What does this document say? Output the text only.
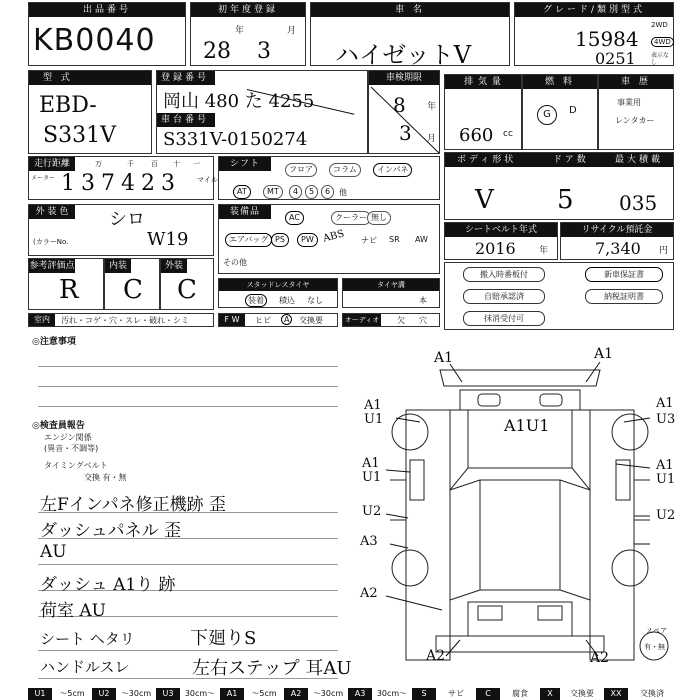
出品番号
KB0040
初年度登録
年	月
28 3
車 名
ハイゼットV
グレード/類別型式
15984
0251
2WD
4WD
表示なし
型 式
EBD-
S331V
登録番号
岡山 480 た 4255
車台番号
S331V-0150274
車検期限
8 年
3 月
排 気 量
660 cc
燃 料
G	D
車 歴
事業用
レンタカー
走行距離
メーター
万	千 百 十 一
137423 マイル
シフト
フロア	コラム	インパネ
AT	MT	4	5	6	他
ボディ形状	ドア数	最大積載量
V 5 035
外 装 色	シロ
(カラーNo.	W19
装備品
AC	クーラー 無し
エアバッグ PS	PW	ナビ SR AW
その他
ABS	シートベルト年式
2016	年
リサイクル預託金
7,340 円
参考評価点
R
内装
C
外装
C	スタッドレスタイヤ
装着	積込 なし
タイヤ溝
本
搬入時番板付	新車保証書
自賠承認済	納税証明書
抹消受付可
室内	汚れ・コゲ・穴・スレ・破れ・シミ	F W	ヒビ	A	交換要	オーディオ 欠 穴
◎注意事項
◎検査員報告
エンジン関係
(異音・不調等)
タイミングベルト
交換 有・無
左Fインパネ修正機跡 歪
ダッシュパネル 歪
AU
ダッシュ A1り 跡
荷室 AU
シート ヘタリ	下廻りS
ハンドルスレ	左右ステップ 耳AU
A1	A1
A1
U1
A1
U3
A1U1
A1
U1
A1
U1
U2	U2
A3
A2
A2	A2
スペア
有・無
U1	～5cm	U2	～30cm	U3	30cm～	A1	～5cm	A2	～30cm	A3	30cm～	S	サビ	C	腐食	X	交換要	XX	交換済
